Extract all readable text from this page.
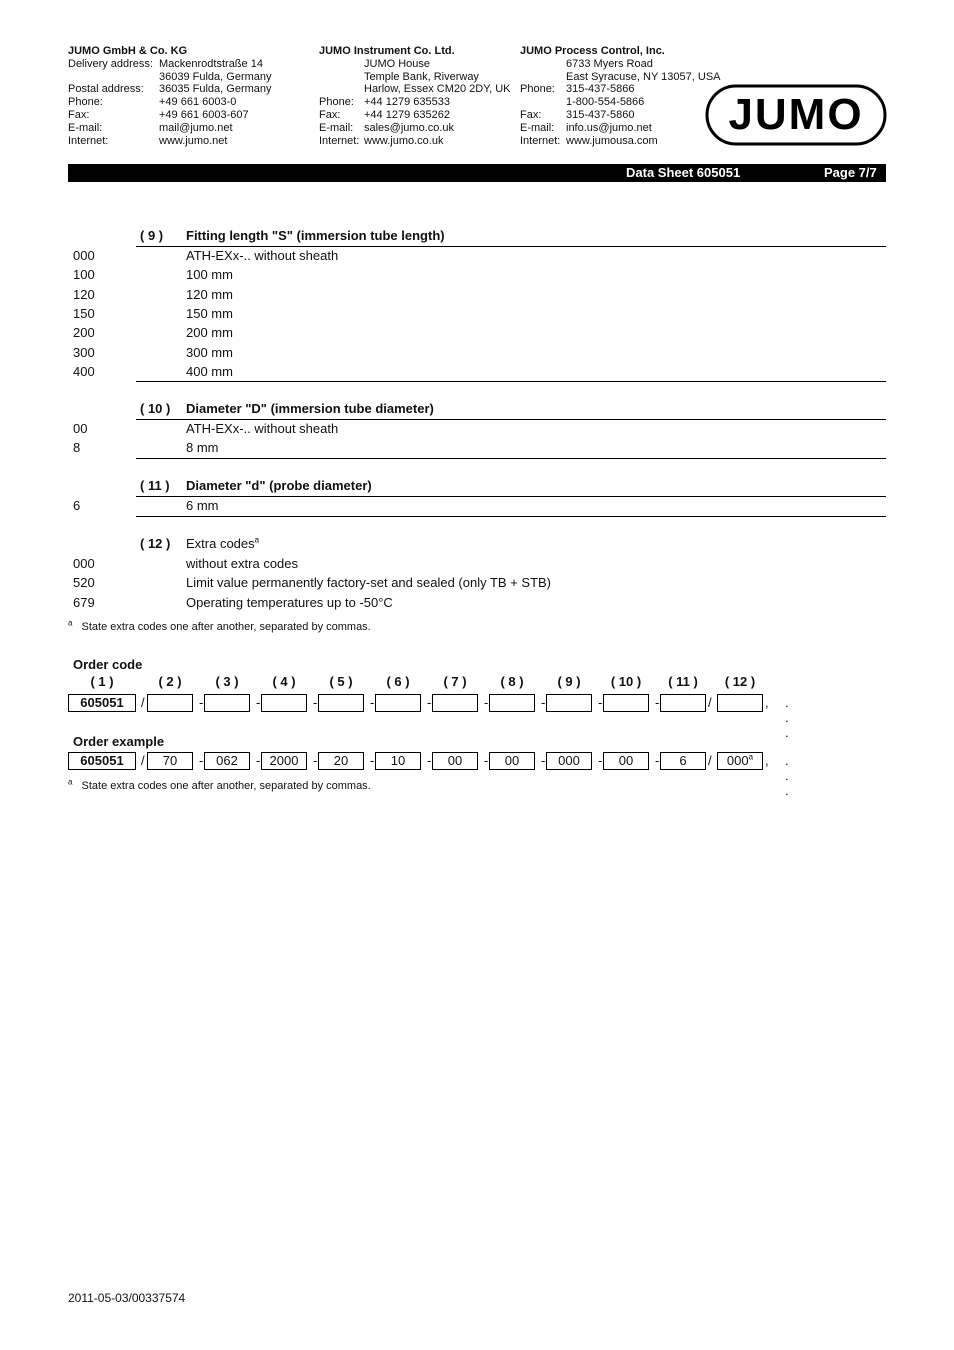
JUMO GmbH & Co. KG
Delivery address: Mackenrodtstraße 14
36039 Fulda, Germany
Postal address:	36035 Fulda, Germany
Phone:	+49 661 6003-0
Fax:	+49 661 6003-607
E-mail:	mail@jumo.net
Internet:	www.jumo.net
JUMO Instrument Co. Ltd.
JUMO House
Temple Bank, Riverway
Harlow, Essex CM20 2DY, UK
Phone: +44 1279 635533
Fax:	+44 1279 635262
E-mail: sales@jumo.co.uk
Internet: www.jumo.co.uk
JUMO Process Control, Inc.
6733 Myers Road
East Syracuse, NY 13057, USA
Phone:	315-437-5866
1-800-554-5866
Fax:	315-437-5860
E-mail:	info.us@jumo.net
Internet: www.jumousa.com
JUMO
Data Sheet 605051	Page 7/7
( 9 )	Fitting length "S" (immersion tube length)
000	ATH-EXx-.. without sheath
100	100 mm
120	120 mm
150	150 mm
200	200 mm
300	300 mm
400	400 mm
( 10 )	Diameter "D" (immersion tube diameter)
00	ATH-EXx-.. without sheath
8	8 mm
( 11 )	Diameter "d" (probe diameter)
6	6 mm
( 12 )	Extra codes$^a$
000	without extra codes
520	Limit value permanently factory-set and sealed (only TB + STB)
679	Operating temperatures up to -50°C
$^a$ State extra codes one after another, separated by commas.
Order code
( 1 )	( 2 )	( 3 )	( 4 )	( 5 )	( 6 )	( 7 )	( 8 )	( 9 )	( 10 )	( 11 )	( 12 )
605051	/	-	-	-	-	-	-	-	-	-	/	, . . .
Order example
605051	/	70	- 062	- 2000	-	20	-	10	-	00	-	00	- 000	-	00	-	6	/	000$^a$ , . . .
$^a$ State extra codes one after another, separated by commas.
2011-05-03/00337574
